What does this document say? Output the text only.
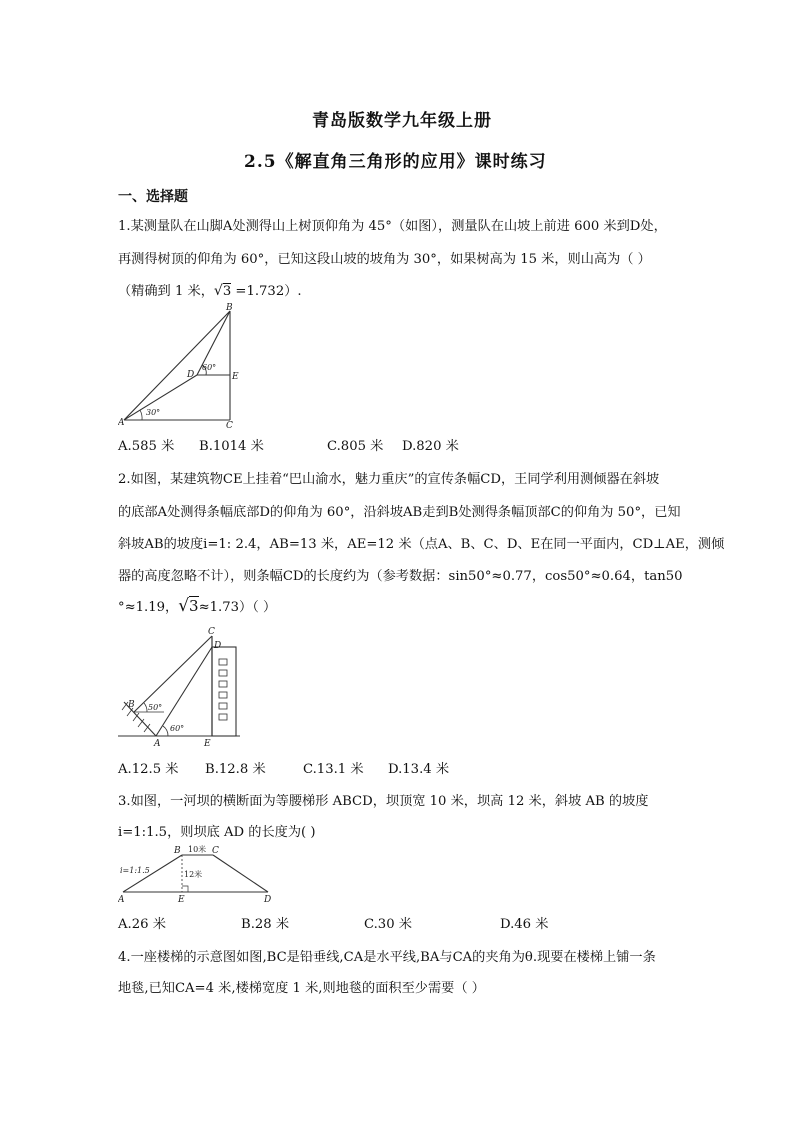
青岛版数学九年级上册
2.5《解直角三角形的应用》课时练习
一、选择题
1.某测量队在山脚A处测得山上树顶仰角为 45°（如图），测量队在山坡上前进 600 米到D处，
再测得树顶的仰角为 60°，已知这段山坡的坡角为 30°，如果树高为 15 米，则山高为（ ）
（精确到 1 米，√3 =1.732）.
B
D
60°
E
30°
A	C
A.585 米 B.1014 米	C.805 米 D.820 米
2.如图，某建筑物CE上挂着“巴山渝水，魅力重庆”的宣传条幅CD，王同学利用测倾器在斜坡
的底部A处测得条幅底部D的仰角为 60°，沿斜坡AB走到B处测得条幅顶部C的仰角为 50°，已知
斜坡AB的坡度i=1: 2.4，AB=13 米，AE=12 米（点A、B、C、D、E在同一平面内，CD⊥AE，测倾
器的高度忽略不计），则条幅CD的长度约为（参考数据：sin50°≈0.77，cos50°≈0.64，tan50
°≈1.19，√3≈1.73）（ ）
C
D
B 50°
60°
A	E
A.12.5 米 B.12.8 米	C.13.1 米 D.13.4 米
3.如图，一河坝的横断面为等腰梯形 ABCD，坝顶宽 10 米，坝高 12 米，斜坡 AB 的坡度
i=1:1.5，则坝底 AD 的长度为( )
B 10米 C
i=1:1.5	12米
A	E	D
A.26 米	B.28 米	C.30 米	D.46 米
4.一座楼梯的示意图如图,BC是铅垂线,CA是水平线,BA与CA的夹角为θ.现要在楼梯上铺一条
地毯,已知CA=4 米,楼梯宽度 1 米,则地毯的面积至少需要（ ）
